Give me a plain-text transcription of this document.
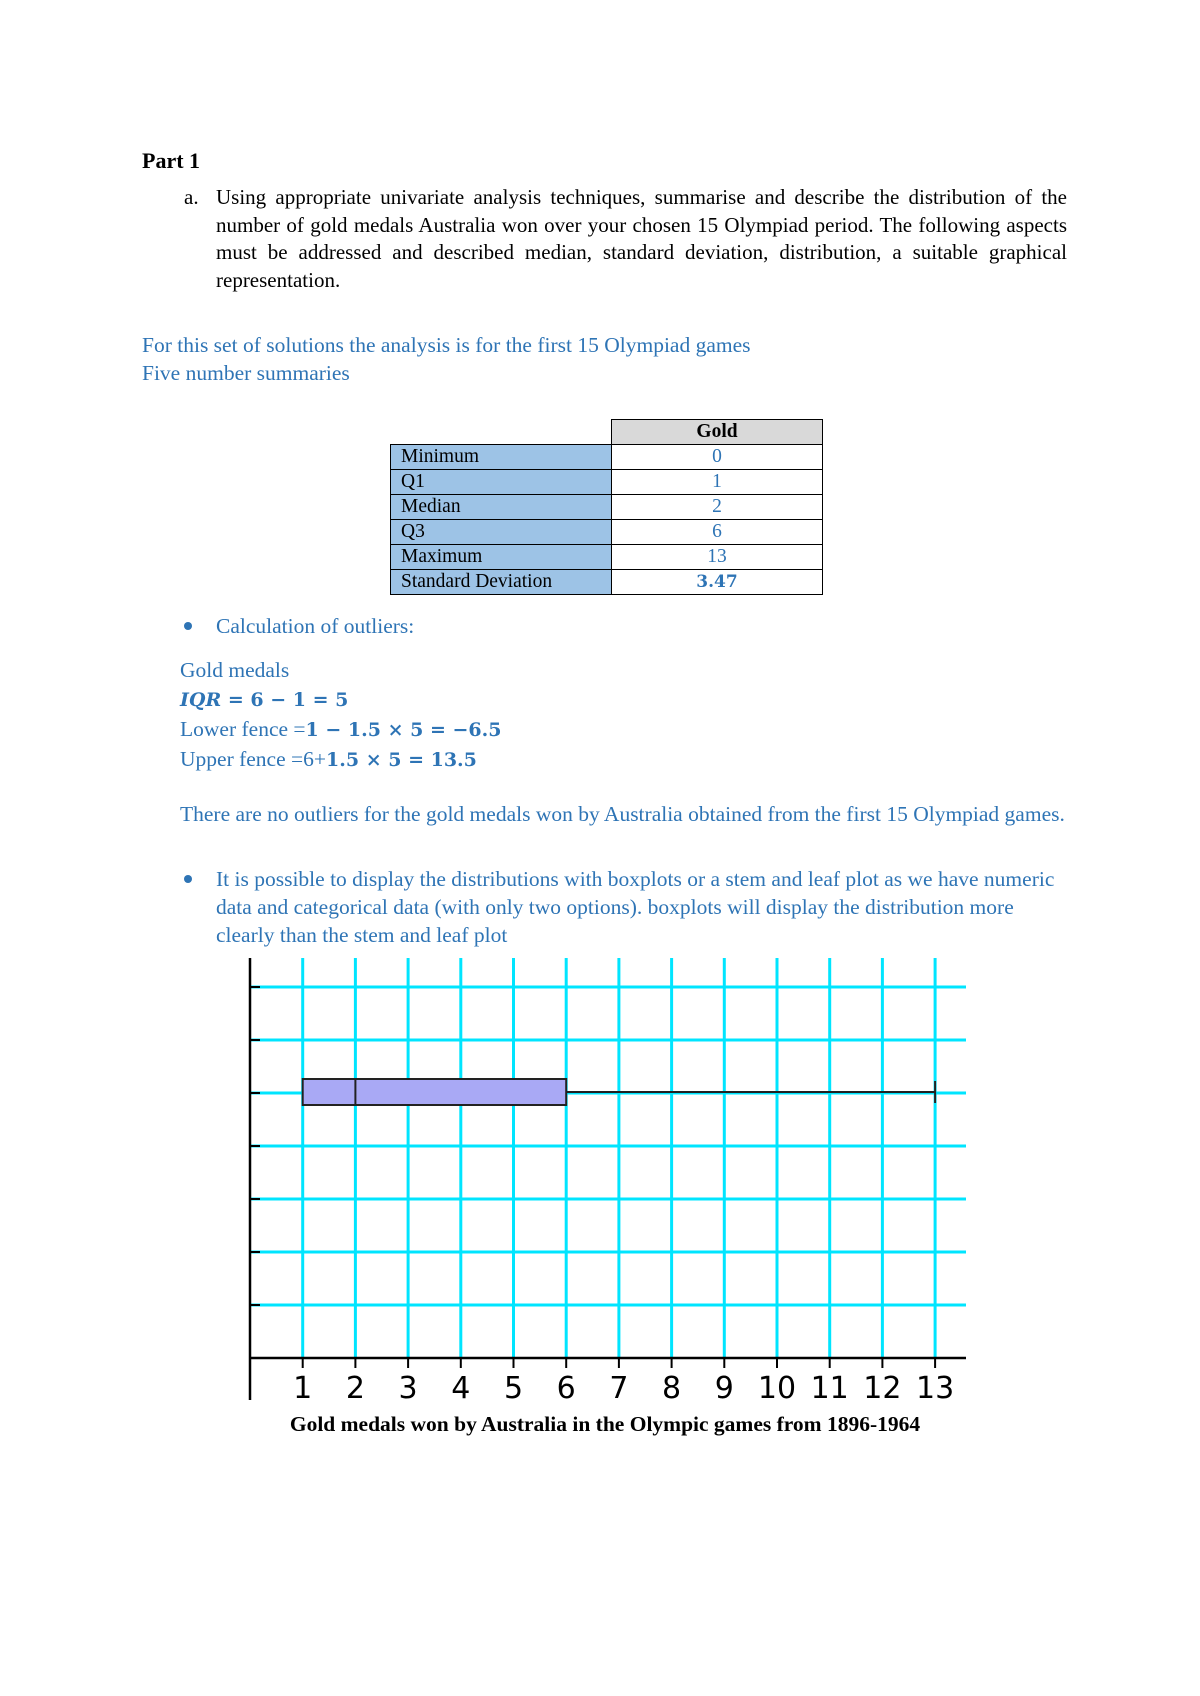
Part 1
a. Using appropriate univariate analysis techniques, summarise and describe the distribution of the number of gold medals Australia won over your chosen 15 Olympiad period. The following aspects must be addressed and described median, standard deviation, distribution, a suitable graphical representation.
For this set of solutions the analysis is for the first 15 Olympiad games
Five number summaries
	Gold
Minimum	0
Q1	1
Median	2
Q3	6
Maximum	13
Standard Deviation	3.47
Calculation of outliers:
Gold medals
IQR = 6 − 1 = 5
Lower fence =1 − 1.5 × 5 = −6.5
Upper fence =6+1.5 × 5 = 13.5
There are no outliers for the gold medals won by Australia obtained from the first 15 Olympiad games.
It is possible to display the distributions with boxplots or a stem and leaf plot as we have numeric data and categorical data (with only two options). boxplots will display the distribution more clearly than the stem and leaf plot
1 2 3 4 5 6 7 8 9 10 11 12 13
Gold medals won by Australia in the Olympic games from 1896-1964
